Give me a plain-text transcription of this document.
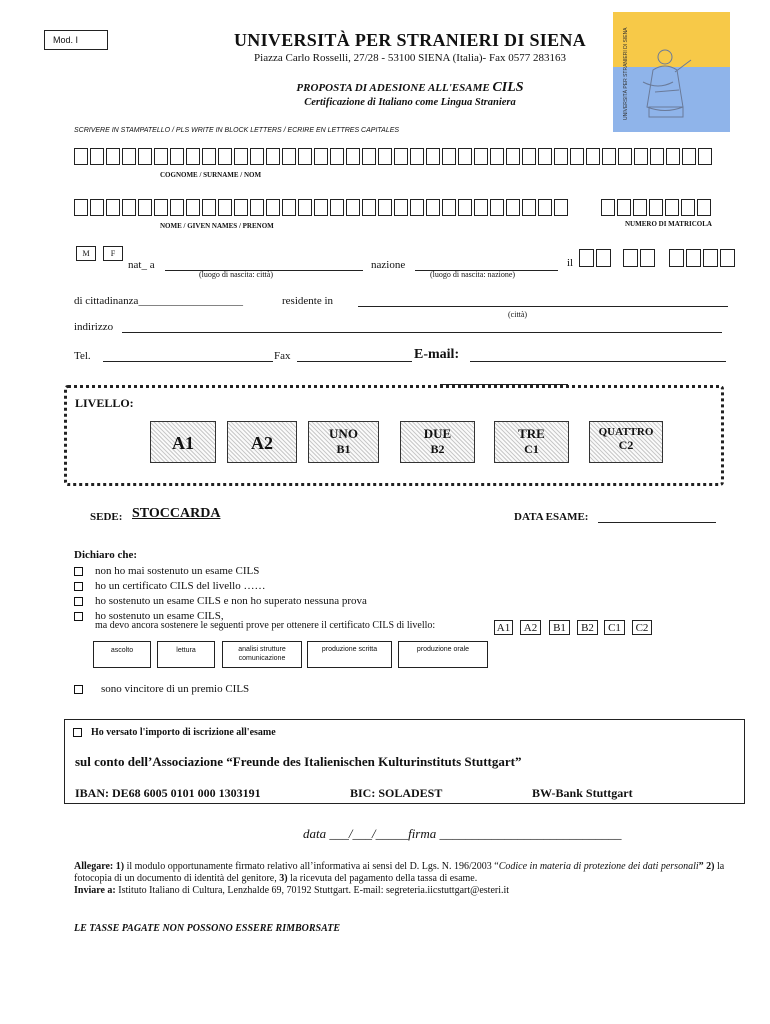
Mod. I	UNIVERSITÀ PER STRANIERI DI SIENA
Piazza Carlo Rosselli, 27/28 - 53100 SIENA (Italia)- Fax 0577 283163
PROPOSTA DI ADESIONE ALL'ESAME CILS
Certificazione di Italiano come Lingua Straniera	UNIVERSITÀ PER STRANIERI DI SIENA
SCRIVERE IN STAMPATELLO / PLS WRITE IN BLOCK LETTERS / ECRIRE EN LETTRES CAPITALES
COGNOME / SURNAME / NOM
NOME / GIVEN NAMES / PRENOM	NUMERO DI MATRICOLA
M	F
nat_ a
(luogo di nascita: città)
nazione
(luogo di nascita: nazione)
il
di cittadinanza___________________	residente in
(città)
indirizzo
Tel.	Fax	E-mail:
LIVELLO:
A1	A2	UNO
B1
DUE
B2
TRE
C1
QUATTRO
C2
SEDE: STOCCARDA	DATA ESAME:
Dichiaro che:
non ho mai sostenuto un esame CILS
ho un certificato CILS del livello ……
ho sostenuto un esame CILS e non ho superato nessuna prova
ho sostenuto un esame CILS,
ma devo ancora sostenere le seguenti prove per ottenere il certificato CILS di livello:	A1	A2	B1	B2	C1	C2
ascolto	lettura	analisi strutture comunicazione
produzione scritta	produzione orale
sono vincitore di un premio CILS
Ho versato l'importo di iscrizione all'esame
sul conto dell’Associazione “Freunde des Italienischen Kulturinstituts Stuttgart”
IBAN: DE68 6005 0101 000 1303191	BIC: SOLADEST	BW-Bank Stuttgart
data ___/___/_____firma ____________________________
Allegare: 1) il modulo opportunamente firmato relativo all’informativa ai sensi del D. Lgs. N. 196/2003 “Codice in materia di protezione dei dati personali” 2) la fotocopia di un documento di identità del genitore, 3) la ricevuta del pagamento della tassa di esame.
Inviare a: Istituto Italiano di Cultura, Lenzhalde 69, 70192 Stuttgart. E-mail: segreteria.iicstuttgart@esteri.it
LE TASSE PAGATE NON POSSONO ESSERE RIMBORSATE
